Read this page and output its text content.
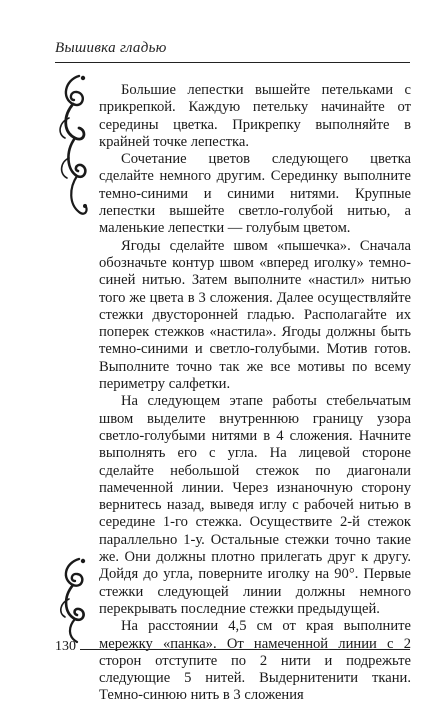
Вышивка гладью

Большие лепестки вышейте петельками с прикрепкой. Каждую петельку начинайте от середины цветка. Прикрепку выполняйте в крайней точке лепестка.

Сочетание цветов следующего цветка сделайте немного другим. Серединку выполните темно-синими и синими нитями. Крупные лепестки вышейте светло-голубой нитью, а маленькие лепестки — голубым цветом.

Ягоды сделайте швом «пышечка». Сначала обозначьте контур швом «вперед иголку» темно-синей нитью. Затем выполните «настил» нитью того же цвета в 3 сложения. Далее осуществляйте стежки двусторонней гладью. Располагайте их поперек стежков «настила». Ягоды должны быть темно-синими и светло-голубыми. Мотив готов. Выполните точно так же все мотивы по всему периметру салфетки.

На следующем этапе работы стебельчатым швом выделите внутреннюю границу узора светло-голубыми нитями в 4 сложения. Начните выполнять его с угла. На лицевой стороне сделайте небольшой стежок по диагонали памеченной линии. Через изнаночную сторону вернитесь назад, выведя иглу с рабочей нитью в середине 1-го стежка. Осуществите 2-й стежок параллельно 1-у. Остальные стежки точно такие же. Они должны плотно прилегать друг к другу. Дойдя до угла, поверните иголку на 90°. Первые стежки следующей линии должны немного перекрывать последние стежки предыдущей.

На расстоянии 4,5 см от края выполните мережку «панка». От намеченной линии с 2 сторон отступите по 2 нити и подрежьте следующие 5 нитей. Выдернитенити ткани. Темно-синюю нить в 3 сложения

130
